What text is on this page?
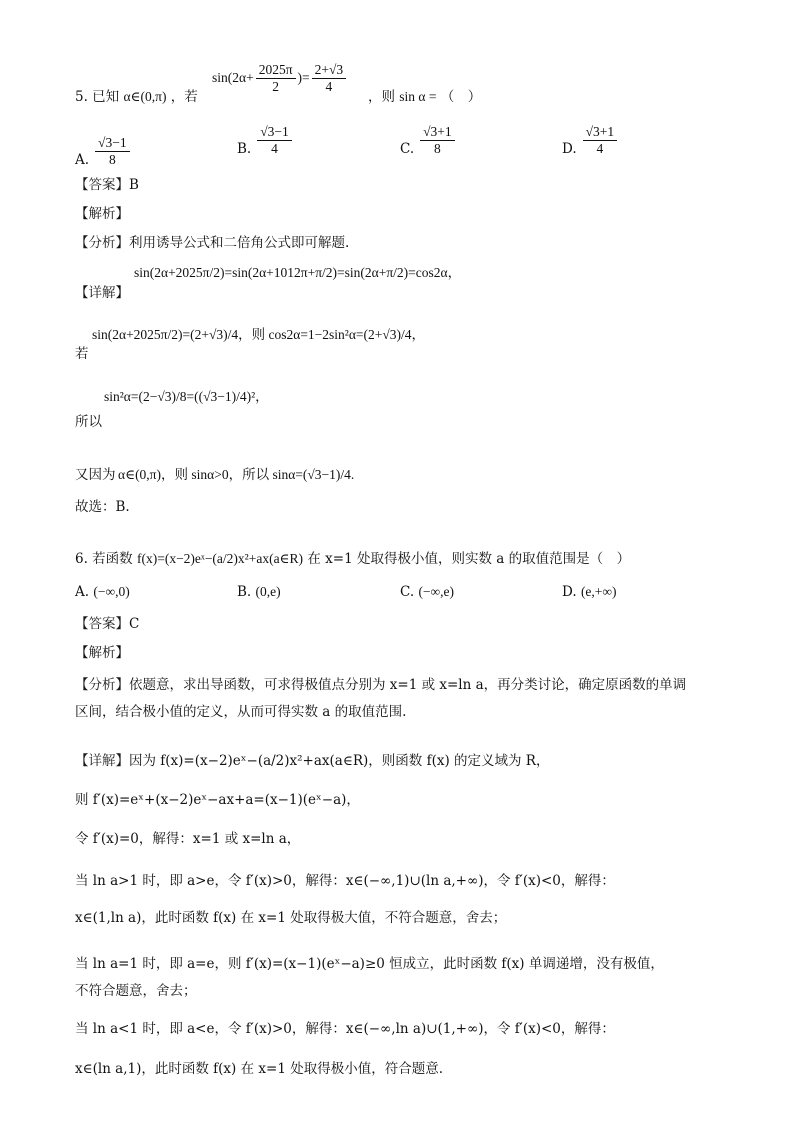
5. 已知 α∈(0,π) ，若
$\sin(2\alpha+ \frac{2025\pi}{2}$ )= $\frac{2+√3}{4}$
，则 sin α = （　）
A. $\frac{√3-1}{8}$	B. $\frac{√3-1}{4}$	C. $\frac{√3+1}{8}$	D. $\frac{√3+1}{4}$
【答案】B
【解析】
【分析】利用诱导公式和二倍角公式即可解题.
【详解】
sin(2α+2025π/2)=sin(2α+1012π+π/2)=sin(2α+π/2)=cos2α，
若
sin(2α+2025π/2)=(2+√3)/4，则 cos2α=1−2sin²α=(2+√3)/4，
所以
sin²α=(2−√3)/8=((√3−1)/4)²，
又因为 α∈(0,π)，则 sinα>0，所以 sinα=(√3−1)/4.
故选：B.
6. 若函数 f(x)=(x−2)eˣ−(a/2)x²+ax(a∈R) 在 x=1 处取得极小值，则实数 a 的取值范围是（　）
A. (−∞,0)	B. (0,e)	C. (−∞,e)	D. (e,+∞)
【答案】C
【解析】
【分析】依题意，求出导函数，可求得极值点分别为 x=1 或 x=ln a，再分类讨论，确定原函数的单调
区间，结合极小值的定义，从而可得实数 a 的取值范围.
【详解】因为 f(x)=(x−2)eˣ−(a/2)x²+ax(a∈R)，则函数 f(x) 的定义域为 R，
则 f′(x)=eˣ+(x−2)eˣ−ax+a=(x−1)(eˣ−a)，
令 f′(x)=0，解得：x=1 或 x=ln a，
当 ln a>1 时，即 a>e，令 f′(x)>0，解得：x∈(−∞,1)∪(ln a,+∞)，令 f′(x)<0，解得：
x∈(1,ln a)，此时函数 f(x) 在 x=1 处取得极大值，不符合题意，舍去；
当 ln a=1 时，即 a=e，则 f′(x)=(x−1)(eˣ−a)≥0 恒成立，此时函数 f(x) 单调递增，没有极值，
不符合题意，舍去；
当 ln a<1 时，即 a<e，令 f′(x)>0，解得：x∈(−∞,ln a)∪(1,+∞)，令 f′(x)<0，解得：
x∈(ln a,1)，此时函数 f(x) 在 x=1 处取得极小值，符合题意.
